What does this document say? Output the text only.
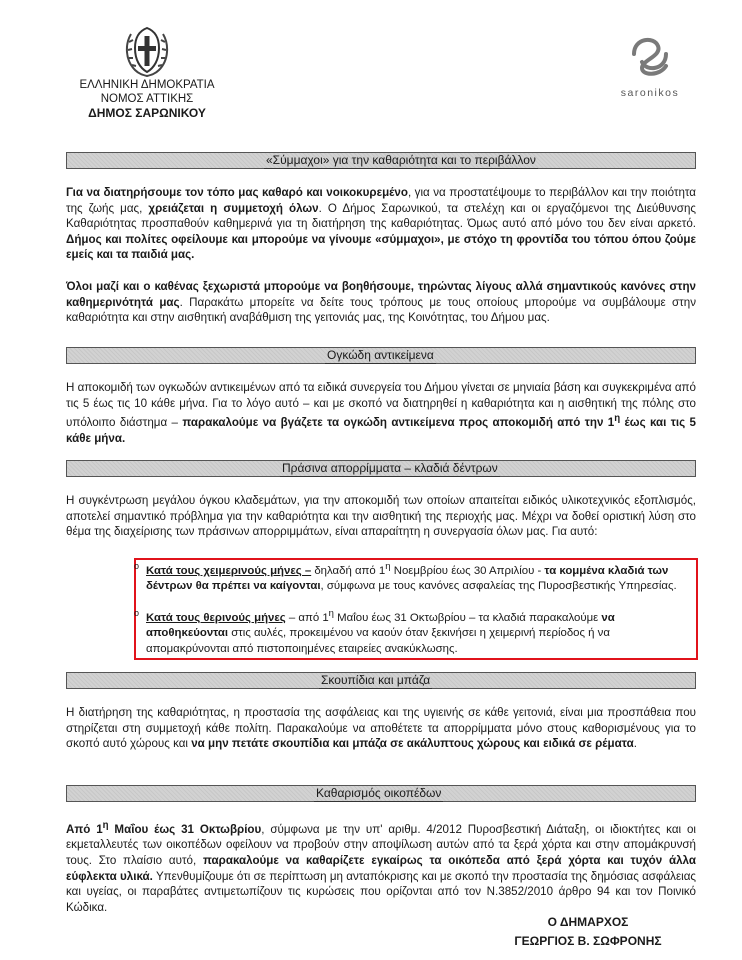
ΕΛΛΗΝΙΚΗ ΔΗΜΟΚΡΑΤΙΑ
ΝΟΜΟΣ ΑΤΤΙΚΗΣ
ΔΗΜΟΣ ΣΑΡΩΝΙΚΟΥ
saronikos
«Σύμμαχοι» για την καθαριότητα και το περιβάλλον

Για να διατηρήσουμε τον τόπο μας καθαρό και νοικοκυρεμένο, για να προστατέψουμε το περιβάλλον και την ποιότητα της ζωής μας, χρειάζεται η συμμετοχή όλων. Ο Δήμος Σαρωνικού, τα στελέχη και οι εργαζόμενοι της Διεύθυνσης Καθαριότητας προσπαθούν καθημερινά για τη διατήρηση της καθαριότητας. Όμως αυτό από μόνο του δεν είναι αρκετό. Δήμος και πολίτες οφείλουμε και μπορούμε να γίνουμε «σύμμαχοι», με στόχο τη φροντίδα του τόπου όπου ζούμε εμείς και τα παιδιά μας.

Όλοι μαζί και ο καθένας ξεχωριστά μπορούμε να βοηθήσουμε, τηρώντας λίγους αλλά σημαντικούς κανόνες στην καθημερινότητά μας. Παρακάτω μπορείτε να δείτε τους τρόπους με τους οποίους μπορούμε να συμβάλουμε στην καθαριότητα και στην αισθητική αναβάθμιση της γειτονιάς μας, της Κοινότητας, του Δήμου μας.

Ογκώδη αντικείμενα

Η αποκομιδή των ογκωδών αντικειμένων από τα ειδικά συνεργεία του Δήμου γίνεται σε μηνιαία βάση και συγκεκριμένα από τις 5 έως τις 10 κάθε μήνα. Για το λόγο αυτό – και με σκοπό να διατηρηθεί η καθαριότητα και η αισθητική της πόλης στο υπόλοιπο διάστημα – παρακαλούμε να βγάζετε τα ογκώδη αντικείμενα προς αποκομιδή από την $1^\eta$ έως και τις 5 κάθε μήνα.

Πράσινα απορρίμματα – κλαδιά δέντρων

Η συγκέντρωση μεγάλου όγκου κλαδεμάτων, για την αποκομιδή των οποίων απαιτείται ειδικός υλικοτεχνικός εξοπλισμός, αποτελεί σημαντικό πρόβλημα για την καθαριότητα και την αισθητική της περιοχής μας. Μέχρι να δοθεί οριστική λύση στο θέμα της διαχείρισης των πράσινων απορριμμάτων, είναι απαραίτητη η συνεργασία όλων μας. Για αυτό:

o Κατά τους χειμερινούς μήνες – δηλαδή από $1^\eta$ Νοεμβρίου έως 30 Απριλίου - τα κομμένα κλαδιά των δέντρων θα πρέπει να καίγονται, σύμφωνα με τους κανόνες ασφαλείας της Πυροσβεστικής Υπηρεσίας.
o Κατά τους θερινούς μήνες – από $1^\eta$ Μαΐου έως 31 Οκτωβρίου – τα κλαδιά παρακαλούμε να αποθηκεύονται στις αυλές, προκειμένου να καούν όταν ξεκινήσει η χειμερινή περίοδος ή να απομακρύνονται από πιστοποιημένες εταιρείες ανακύκλωσης.
Σκουπίδια και μπάζα

Η διατήρηση της καθαριότητας, η προστασία της ασφάλειας και της υγιεινής σε κάθε γειτονιά, είναι μια προσπάθεια που στηρίζεται στη συμμετοχή κάθε πολίτη. Παρακαλούμε να αποθέτετε τα απορρίμματα μόνο στους καθορισμένους για το σκοπό αυτό χώρους και να μην πετάτε σκουπίδια και μπάζα σε ακάλυπτους χώρους και ειδικά σε ρέματα.

Καθαρισμός οικοπέδων

Από $1^\eta$ Μαΐου έως 31 Οκτωβρίου, σύμφωνα με την υπ' αριθμ. 4/2012 Πυροσβεστική Διάταξη, οι ιδιοκτήτες και οι εκμεταλλευτές των οικοπέδων οφείλουν να προβούν στην αποψίλωση αυτών από τα ξερά χόρτα και στην απομάκρυνσή τους. Στο πλαίσιο αυτό, παρακαλούμε να καθαρίζετε εγκαίρως τα οικόπεδα από ξερά χόρτα και τυχόν άλλα εύφλεκτα υλικά. Υπενθυμίζουμε ότι σε περίπτωση μη ανταπόκρισης και με σκοπό την προστασία της δημόσιας ασφάλειας και υγείας, οι παραβάτες αντιμετωπίζουν τις κυρώσεις που ορίζονται από τον Ν.3852/2010 άρθρο 94 και τον Ποινικό Κώδικα.

Ο ΔΗΜΑΡΧΟΣ
ΓΕΩΡΓΙΟΣ Β. ΣΩΦΡΟΝΗΣ
